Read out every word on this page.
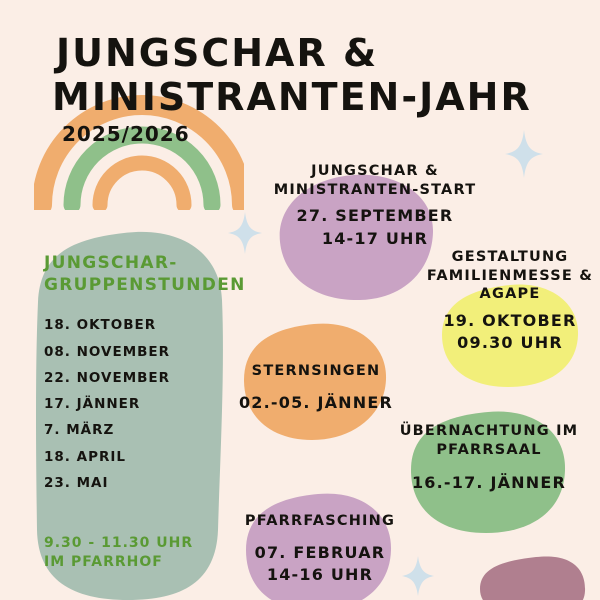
JUNGSCHAR &
MINISTRANTEN-JAHR
2025/2026
JUNGSCHAR-
GRUPPENSTUNDEN
18. OKTOBER
08. NOVEMBER
22. NOVEMBER
17. JÄNNER
7. MÄRZ
18. APRIL
23. MAI
9.30 - 11.30 UHR
IM PFARRHOF
JUNGSCHAR &
MINISTRANTEN-START
27. SEPTEMBER
14-17 UHR
GESTALTUNG
FAMILIENMESSE &
AGAPE
19. OKTOBER
09.30 UHR
STERNSINGEN
02.-05. JÄNNER
ÜBERNACHTUNG IM
PFARRSAAL
16.-17. JÄNNER
PFARRFASCHING
07. FEBRUAR
14-16 UHR
